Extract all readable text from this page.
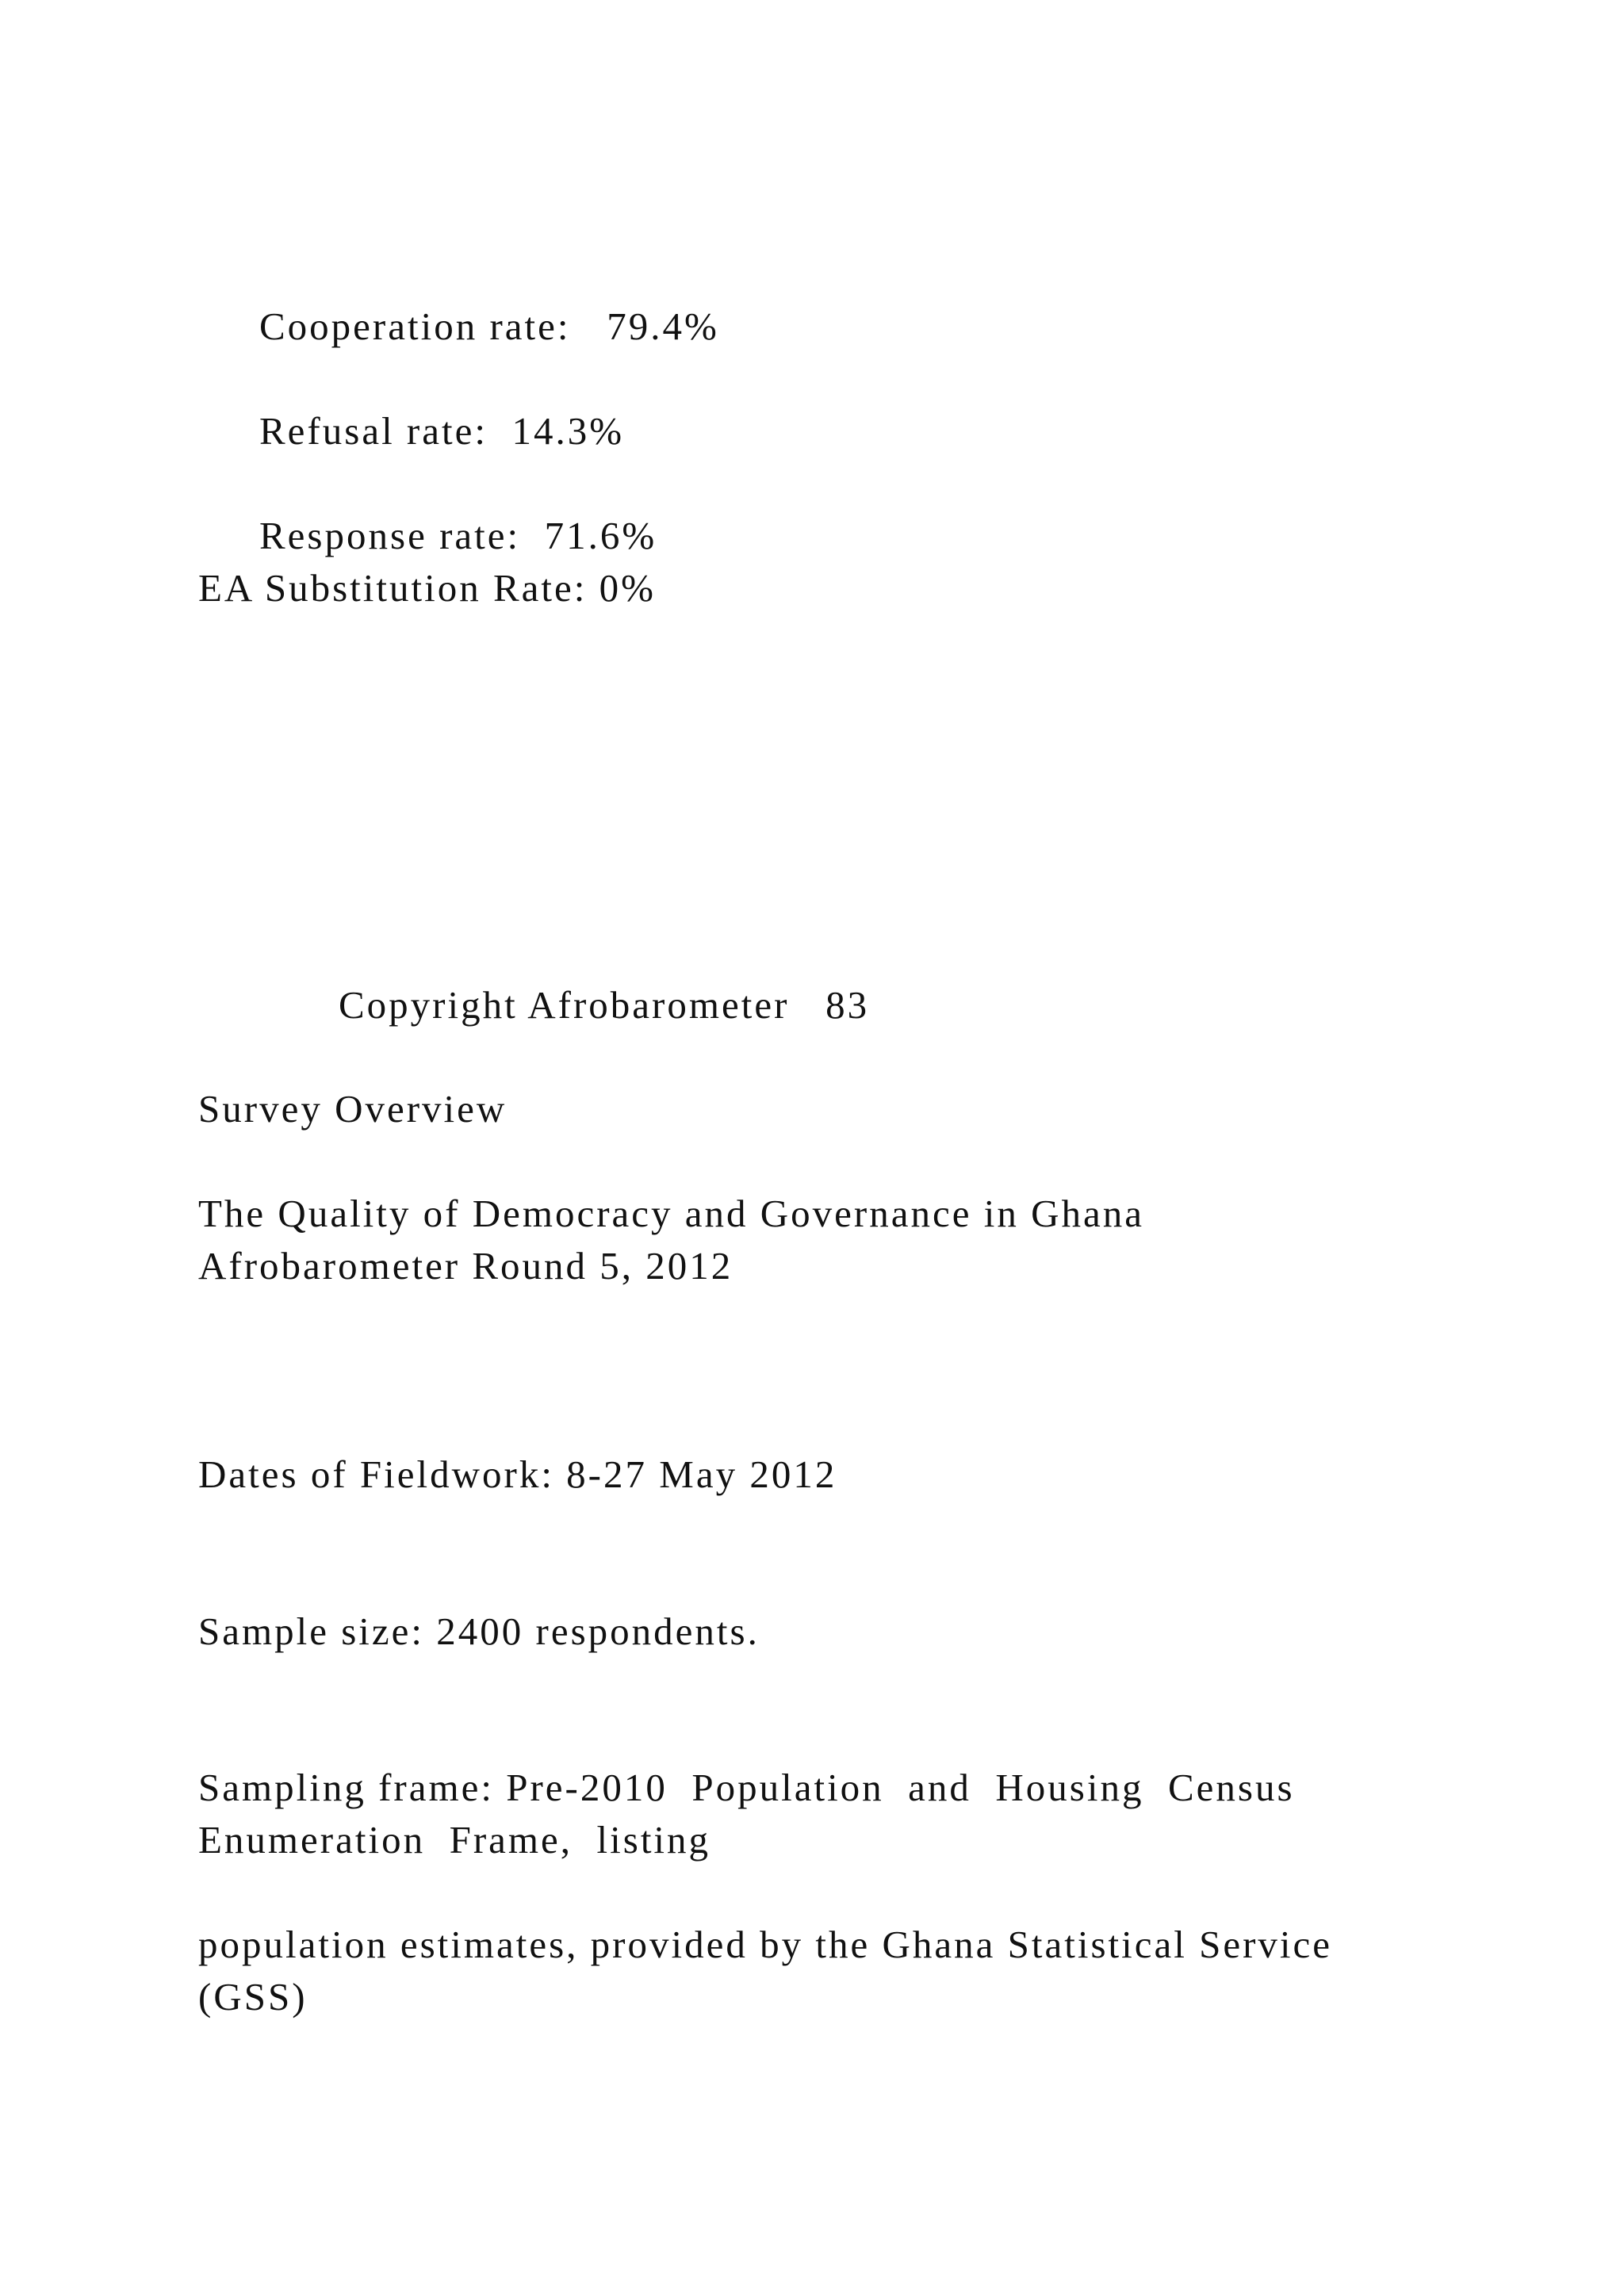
Cooperation rate: 79.4%

Refusal rate: 14.3%

Response rate: 71.6%

EA Substitution Rate: 0%

Copyright Afrobarometer 83

Survey Overview
The Quality of Democracy and Governance in Ghana
Afrobarometer Round 5, 2012
Dates of Fieldwork: 8-27 May 2012
Sample size: 2400 respondents.
Sampling frame: Pre-2010  Population  and  Housing  Census
Enumeration  Frame,  listing
population estimates, provided by the Ghana Statistical Service
(GSS)
